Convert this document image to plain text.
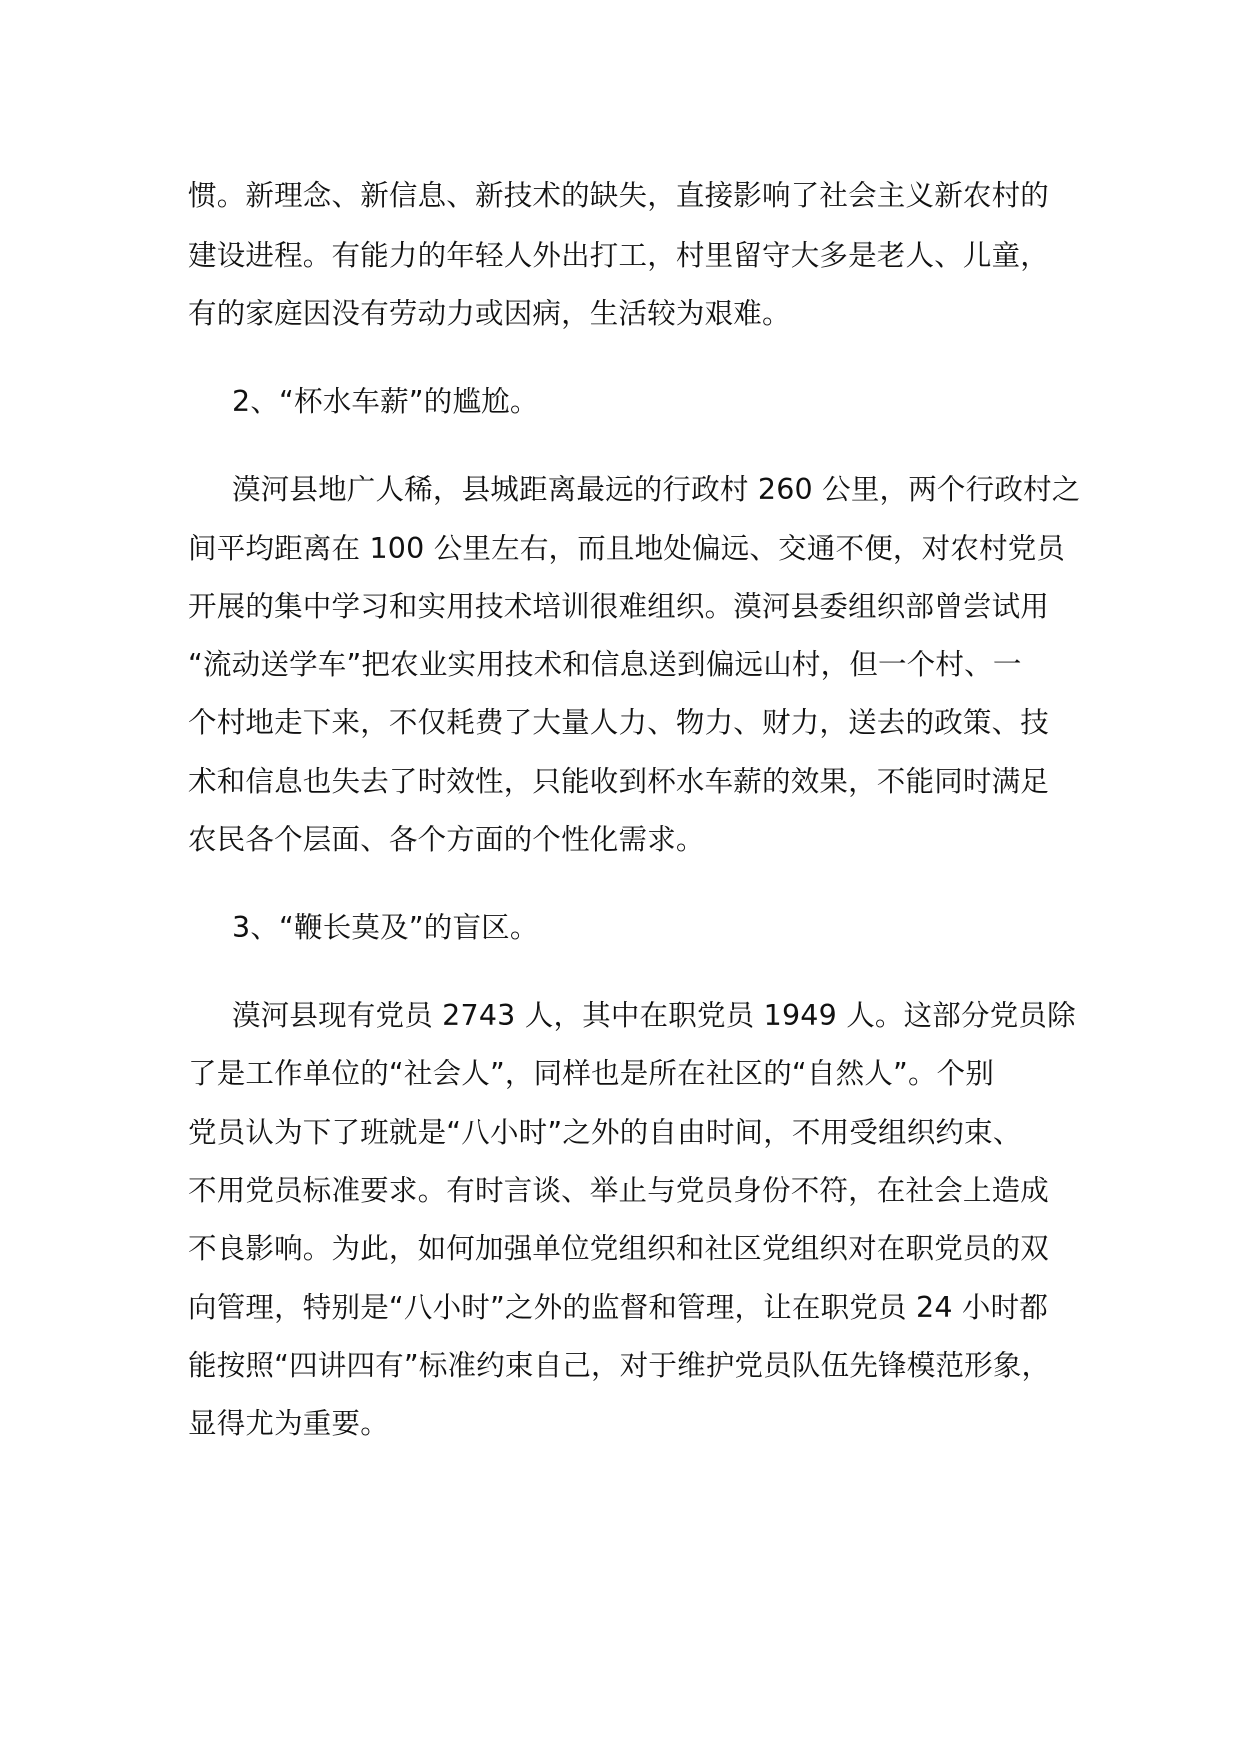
惯。新理念、新信息、新技术的缺失，直接影响了社会主义新农村的
建设进程。有能力的年轻人外出打工，村里留守大多是老人、儿童，
有的家庭因没有劳动力或因病，生活较为艰难。
2、“杯水车薪”的尴尬。
漠河县地广人稀，县城距离最远的行政村 260 公里，两个行政村之
间平均距离在 100 公里左右，而且地处偏远、交通不便，对农村党员
开展的集中学习和实用技术培训很难组织。漠河县委组织部曾尝试用
“流动送学车”把农业实用技术和信息送到偏远山村，但一个村、一
个村地走下来，不仅耗费了大量人力、物力、财力，送去的政策、技
术和信息也失去了时效性，只能收到杯水车薪的效果，不能同时满足
农民各个层面、各个方面的个性化需求。
3、“鞭长莫及”的盲区。
漠河县现有党员 2743 人，其中在职党员 1949 人。这部分党员除
了是工作单位的“社会人”，同样也是所在社区的“自然人”。个别
党员认为下了班就是“八小时”之外的自由时间，不用受组织约束、
不用党员标准要求。有时言谈、举止与党员身份不符，在社会上造成
不良影响。为此，如何加强单位党组织和社区党组织对在职党员的双
向管理，特别是“八小时”之外的监督和管理，让在职党员 24 小时都
能按照“四讲四有”标准约束自己，对于维护党员队伍先锋模范形象，
显得尤为重要。
